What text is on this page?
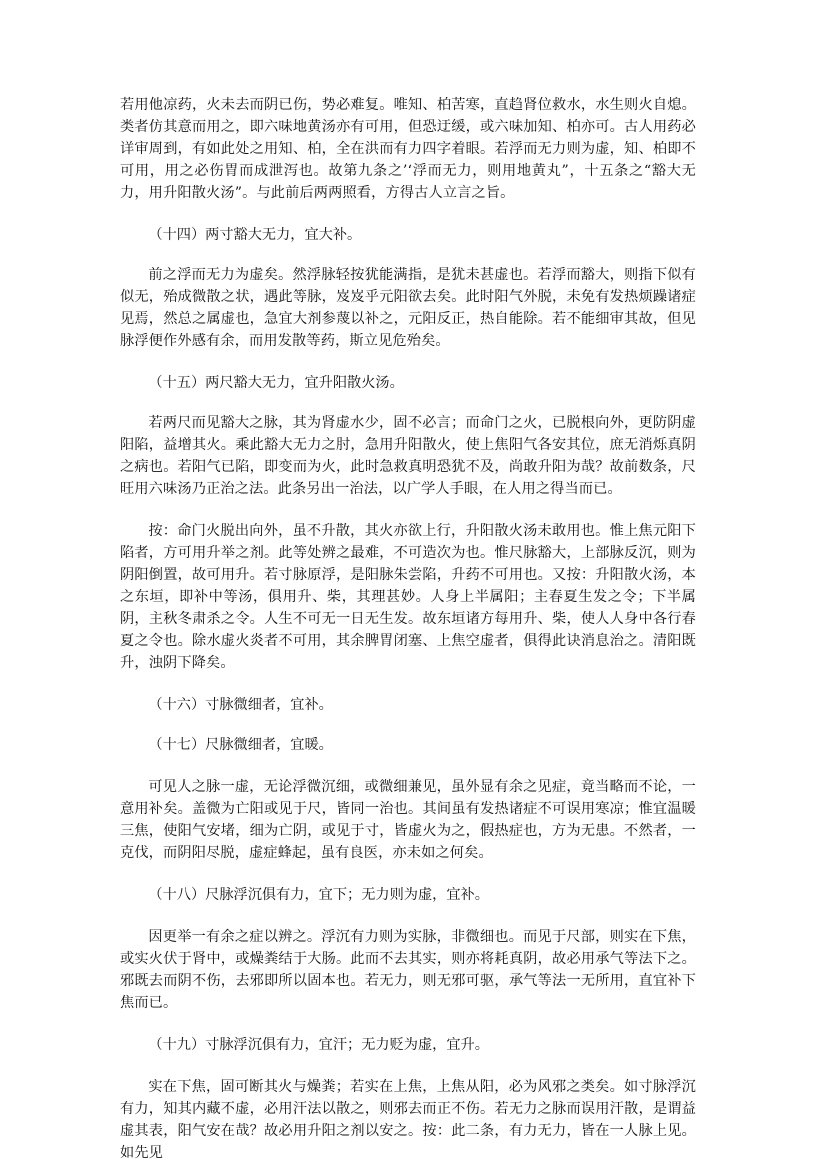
若用他凉药，火未去而阴已伤，势必难复。唯知、柏苦寒，直趋肾位救水，水生则火自熄。类者仿其意而用之，即六味地黄汤亦有可用，但恐迂缓，或六味加知、柏亦可。古人用药必详审周到，有如此处之用知、柏，全在洪而有力四字着眼。若浮而无力则为虚，知、柏即不可用，用之必伤胃而成泄泻也。故第九条之’‘浮而无力，则用地黄丸”，十五条之“豁大无力，用升阳散火汤”。与此前后两两照看，方得古人立言之旨。

（十四）两寸豁大无力，宜大补。

前之浮而无力为虚矣。然浮脉轻按犹能满指，是犹未甚虚也。若浮而豁大，则指下似有似无，殆成微散之状，遇此等脉，岌岌乎元阳欲去矣。此时阳气外脱，未免有发热烦躁诸症见焉，然总之属虚也，急宜大剂参蔑以补之，元阳反正，热自能除。若不能细审其故，但见脉浮便作外感有余，而用发散等药，斯立见危殆矣。

（十五）两尺豁大无力，宜升阳散火汤。

若两尺而见豁大之脉，其为肾虚水少，固不必言；而命门之火，已脱根向外，更防阴虚阳陷，益增其火。乘此豁大无力之肘，急用升阳散火，使上焦阳气各安其位，庶无消烁真阴之病也。若阳气已陷，即变而为火，此时急救真明恐犹不及，尚敢升阳为哉？故前数条，尺旺用六味汤乃正治之法。此条另出一治法，以广学人手眼，在人用之得当而已。

按：命门火脱出向外，虽不升散，其火亦欲上行，升阳散火汤未敢用也。惟上焦元阳下陷者，方可用升举之剂。此等处辨之最难，不可造次为也。惟尺脉豁大，上部脉反沉，则为阴阳倒置，故可用升。若寸脉原浮，是阳脉朱尝陷，升药不可用也。又按：升阳散火汤，本之东垣，即补中等汤，俱用升、柴，其理甚妙。人身上半属阳；主春夏生发之令；下半属阴，主秋冬肃杀之令。人生不可无一日无生发。故东垣诸方每用升、柴，使人人身中各行春夏之令也。除水虚火炎者不可用，其余脾胃闭塞、上焦空虚者，俱得此诀消息治之。清阳既升，浊阴下降矣。

（十六）寸脉微细者，宜补。

（十七）尺脉微细者，宜暖。

可见人之脉一虚，无论浮微沉细，或微细兼见，虽外显有余之见症，竟当略而不论，一意用补矣。盖微为亡阳或见于尺，皆同一治也。其间虽有发热诸症不可误用寒凉；惟宜温暖三焦，使阳气安堵，细为亡阴，或见于寸，皆虚火为之，假热症也，方为无患。不然者，一克伐，而阴阳尽脱，虚症蜂起，虽有良医，亦未如之何矣。

（十八）尺脉浮沉俱有力，宜下；无力则为虚，宜补。

因更举一有余之症以辨之。浮沉有力则为实脉，非微细也。而见于尺部，则实在下焦，或实火伏于肾中，或燥粪结于大肠。此而不去其实，则亦将耗真阴，故必用承气等法下之。邪既去而阴不伤，去邪即所以固本也。若无力，则无邪可驱，承气等法一无所用，直宜补下焦而已。

（十九）寸脉浮沉俱有力，宜汗；无力贬为虚，宜升。

实在下焦，固可断其火与燥粪；若实在上焦，上焦从阳，必为风邪之类矣。如寸脉浮沉有力，知其内藏不虚，必用汗法以散之，则邪去而正不伤。若无力之脉而误用汗散，是谓益虚其表，阳气安在哉？故必用升阳之剂以安之。按：此二条，有力无力，皆在一人脉上见。如先见
